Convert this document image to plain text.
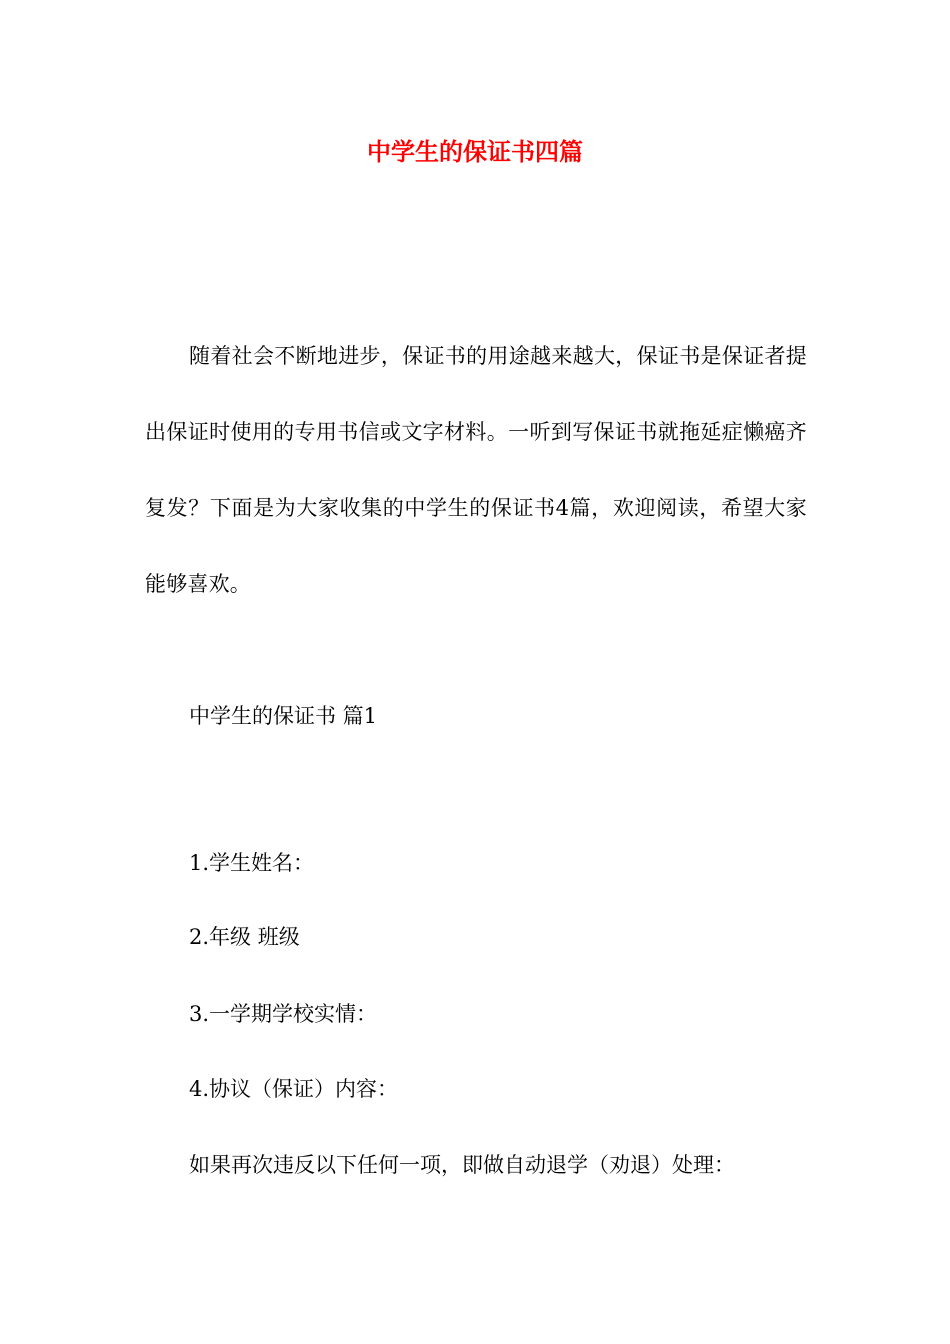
中学生的保证书四篇

随着社会不断地进步，保证书的用途越来越大，保证书是保证者提出保证时使用的专用书信或文字材料。一听到写保证书就拖延症懒癌齐复发？下面是为大家收集的中学生的保证书4篇，欢迎阅读，希望大家能够喜欢。

中学生的保证书 篇1

1.学生姓名：

2.年级 班级

3.一学期学校实情：

4.协议（保证）内容：

如果再次违反以下任何一项，即做自动退学（劝退）处理：
